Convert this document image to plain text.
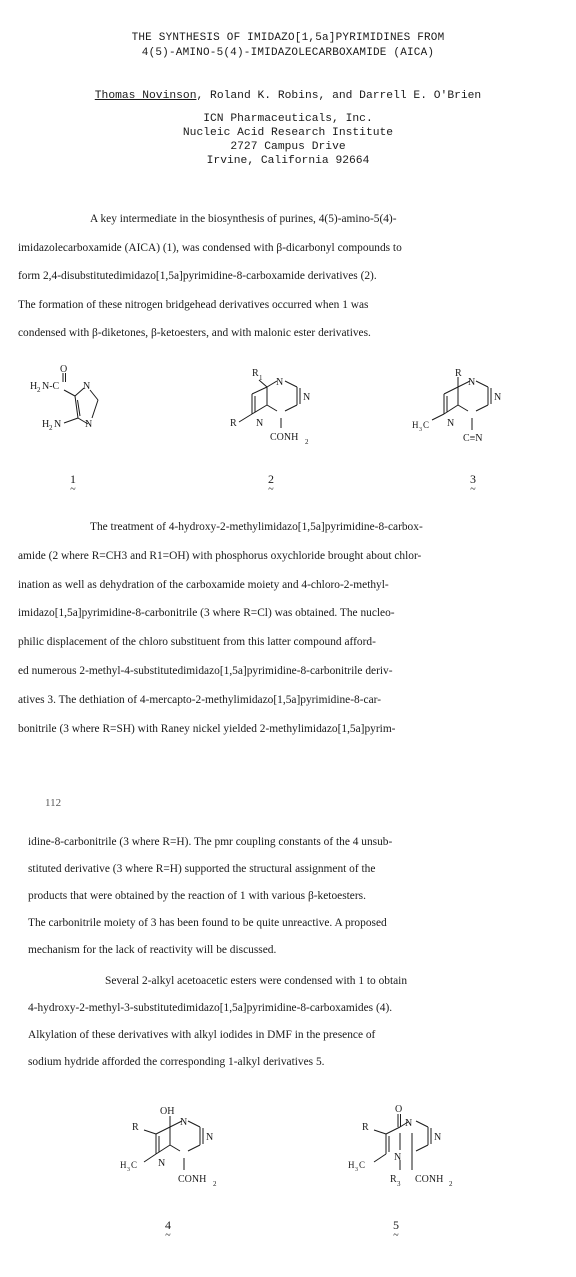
THE SYNTHESIS OF IMIDAZO[1,5a]PYRIMIDINES FROM
4(5)-AMINO-5(4)-IMIDAZOLECARBOXAMIDE (AICA)
Thomas Novinson, Roland K. Robins, and Darrell E. O'Brien
ICN Pharmaceuticals, Inc.
Nucleic Acid Research Institute
2727 Campus Drive
Irvine, California 92664
A key intermediate in the biosynthesis of purines, 4(5)-amino-5(4)-
imidazolecarboxamide (AICA) (1), was condensed with β-dicarbonyl compounds to
form 2,4-disubstitutedimidazo[1,5a]pyrimidine-8-carboxamide derivatives (2).
The formation of these nitrogen bridgehead derivatives occurred when 1 was
condensed with β-diketones, β-ketoesters, and with malonic ester derivatives.
O
H 2 N-C N
H 2 N N
1
~
R 1 N
R N
N
CONH 2
2
~
R
N
H 3 C N
N
C≡N
3
~
The treatment of 4-hydroxy-2-methylimidazo[1,5a]pyrimidine-8-carbox-
amide (2 where R=CH3 and R1=OH) with phosphorus oxychloride brought about chlor-
ination as well as dehydration of the carboxamide moiety and 4-chloro-2-methyl-
imidazo[1,5a]pyrimidine-8-carbonitrile (3 where R=Cl) was obtained. The nucleo-
philic displacement of the chloro substituent from this latter compound afford-
ed numerous 2-methyl-4-substitutedimidazo[1,5a]pyrimidine-8-carbonitrile deriv-
atives 3. The dethiation of 4-mercapto-2-methylimidazo[1,5a]pyrimidine-8-car-
bonitrile (3 where R=SH) with Raney nickel yielded 2-methylimidazo[1,5a]pyrim-
112
idine-8-carbonitrile (3 where R=H). The pmr coupling constants of the 4 unsub-
stituted derivative (3 where R=H) supported the structural assignment of the
products that were obtained by the reaction of 1 with various β-ketoesters.
The carbonitrile moiety of 3 has been found to be quite unreactive. A proposed
mechanism for the lack of reactivity will be discussed.
Several 2-alkyl acetoacetic esters were condensed with 1 to obtain
4-hydroxy-2-methyl-3-substitutedimidazo[1,5a]pyrimidine-8-carboxamides (4).
Alkylation of these derivatives with alkyl iodides in DMF in the presence of
sodium hydride afforded the corresponding 1-alkyl derivatives 5.
OH
R	N
H 3 C N
N
CONH 2
4
~
O
R	N
H 3 C
N
N
R 3 CONH 2
5
~
